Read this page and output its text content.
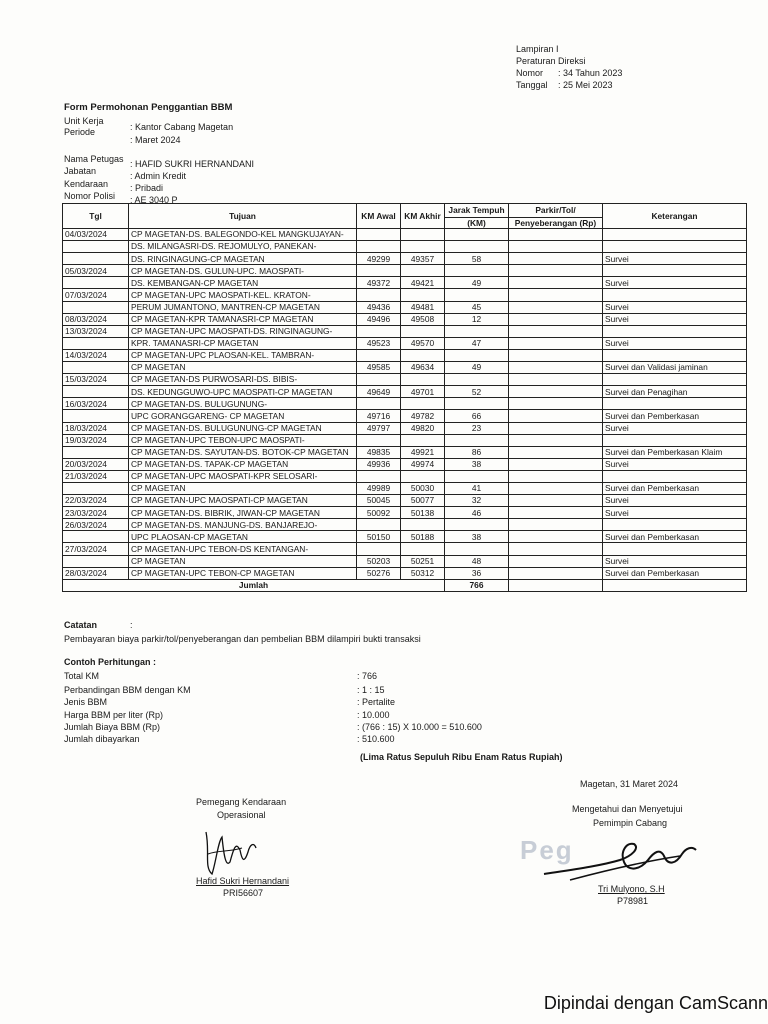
Lampiran I
Peraturan Direksi
Nomor : 34 Tahun 2023
Tanggal : 25 Mei 2023
Form Permohonan Penggantian BBM
Unit Kerja
: Kantor Cabang Magetan
Periode
: Maret 2024
Nama Petugas : HAFID SUKRI HERNANDANI
Jabatan	: Admin Kredit
Kendaraan : Pribadi
Nomor Polisi : AE 3040 P
Tgl	Tujuan	KM Awal	KM Akhir	Jarak Tempuh	Parkir/Tol/	Keterangan
				(KM)	Penyeberangan (Rp)	
04/03/2024	CP MAGETAN-DS. BALEGONDO-KEL MANGKUJAYAN-					
	DS. MILANGASRI-DS. REJOMULYO, PANEKAN-					
	DS. RINGINAGUNG-CP MAGETAN	49299	49357	58		Survei
05/03/2024	CP MAGETAN-DS. GULUN-UPC. MAOSPATI-					
	DS. KEMBANGAN-CP MAGETAN	49372	49421	49		Survei
07/03/2024	CP MAGETAN-UPC MAOSPATI-KEL. KRATON-					
	PERUM JUMANTONO, MANTREN-CP MAGETAN	49436	49481	45		Survei
08/03/2024	CP MAGETAN-KPR TAMANASRI-CP MAGETAN	49496	49508	12		Survei
13/03/2024	CP MAGETAN-UPC MAOSPATI-DS. RINGINAGUNG-					
	KPR. TAMANASRI-CP MAGETAN	49523	49570	47		Survei
14/03/2024	CP MAGETAN-UPC PLAOSAN-KEL. TAMBRAN-					
	CP MAGETAN	49585	49634	49		Survei dan Validasi jaminan
15/03/2024	CP MAGETAN-DS PURWOSARI-DS. BIBIS-					
	DS. KEDUNGGUWO-UPC MAOSPATI-CP MAGETAN	49649	49701	52		Survei dan Penagihan
16/03/2024	CP MAGETAN-DS. BULUGUNUNG-					
	UPC GORANGGARENG- CP MAGETAN	49716	49782	66		Survei dan Pemberkasan
18/03/2024	CP MAGETAN-DS. BULUGUNUNG-CP MAGETAN	49797	49820	23		Survei
19/03/2024	CP MAGETAN-UPC TEBON-UPC MAOSPATI-					
	CP MAGETAN-DS. SAYUTAN-DS. BOTOK-CP MAGETAN	49835	49921	86		Survei dan Pemberkasan Klaim
20/03/2024	CP MAGETAN-DS. TAPAK-CP MAGETAN	49936	49974	38		Survei
21/03/2024	CP MAGETAN-UPC MAOSPATI-KPR SELOSARI-					
	CP MAGETAN	49989	50030	41		Survei dan Pemberkasan
22/03/2024	CP MAGETAN-UPC MAOSPATI-CP MAGETAN	50045	50077	32		Survei
23/03/2024	CP MAGETAN-DS. BIBRIK, JIWAN-CP MAGETAN	50092	50138	46		Survei
26/03/2024	CP MAGETAN-DS. MANJUNG-DS. BANJAREJO-					
	UPC PLAOSAN-CP MAGETAN	50150	50188	38		Survei dan Pemberkasan
27/03/2024	CP MAGETAN-UPC TEBON-DS KENTANGAN-					
	CP MAGETAN	50203	50251	48		Survei
28/03/2024	CP MAGETAN-UPC TEBON-CP MAGETAN	50276	50312	36		Survei dan Pemberkasan
Jumlah				766		
Catatan	:
Pembayaran biaya parkir/tol/penyeberangan dan pembelian BBM dilampiri bukti transaksi
Contoh Perhitungan :
Total KM	: 766
Perbandingan BBM dengan KM	: 1 : 15
Jenis BBM	: Pertalite
Harga BBM per liter (Rp)	: 10.000
Jumlah Biaya BBM (Rp)	: (766 : 15) X 10.000 = 510.600
Jumlah dibayarkan	: 510.600
(Lima Ratus Sepuluh Ribu Enam Ratus Rupiah)
Magetan, 31 Maret 2024
Pemegang Kendaraan
Operasional
Hafid Sukri Hernandani
PRI56607
Mengetahui dan Menyetujui
Pemimpin Cabang
Peg
Tri Mulyono, S.H
P78981
Dipindai dengan CamScann
